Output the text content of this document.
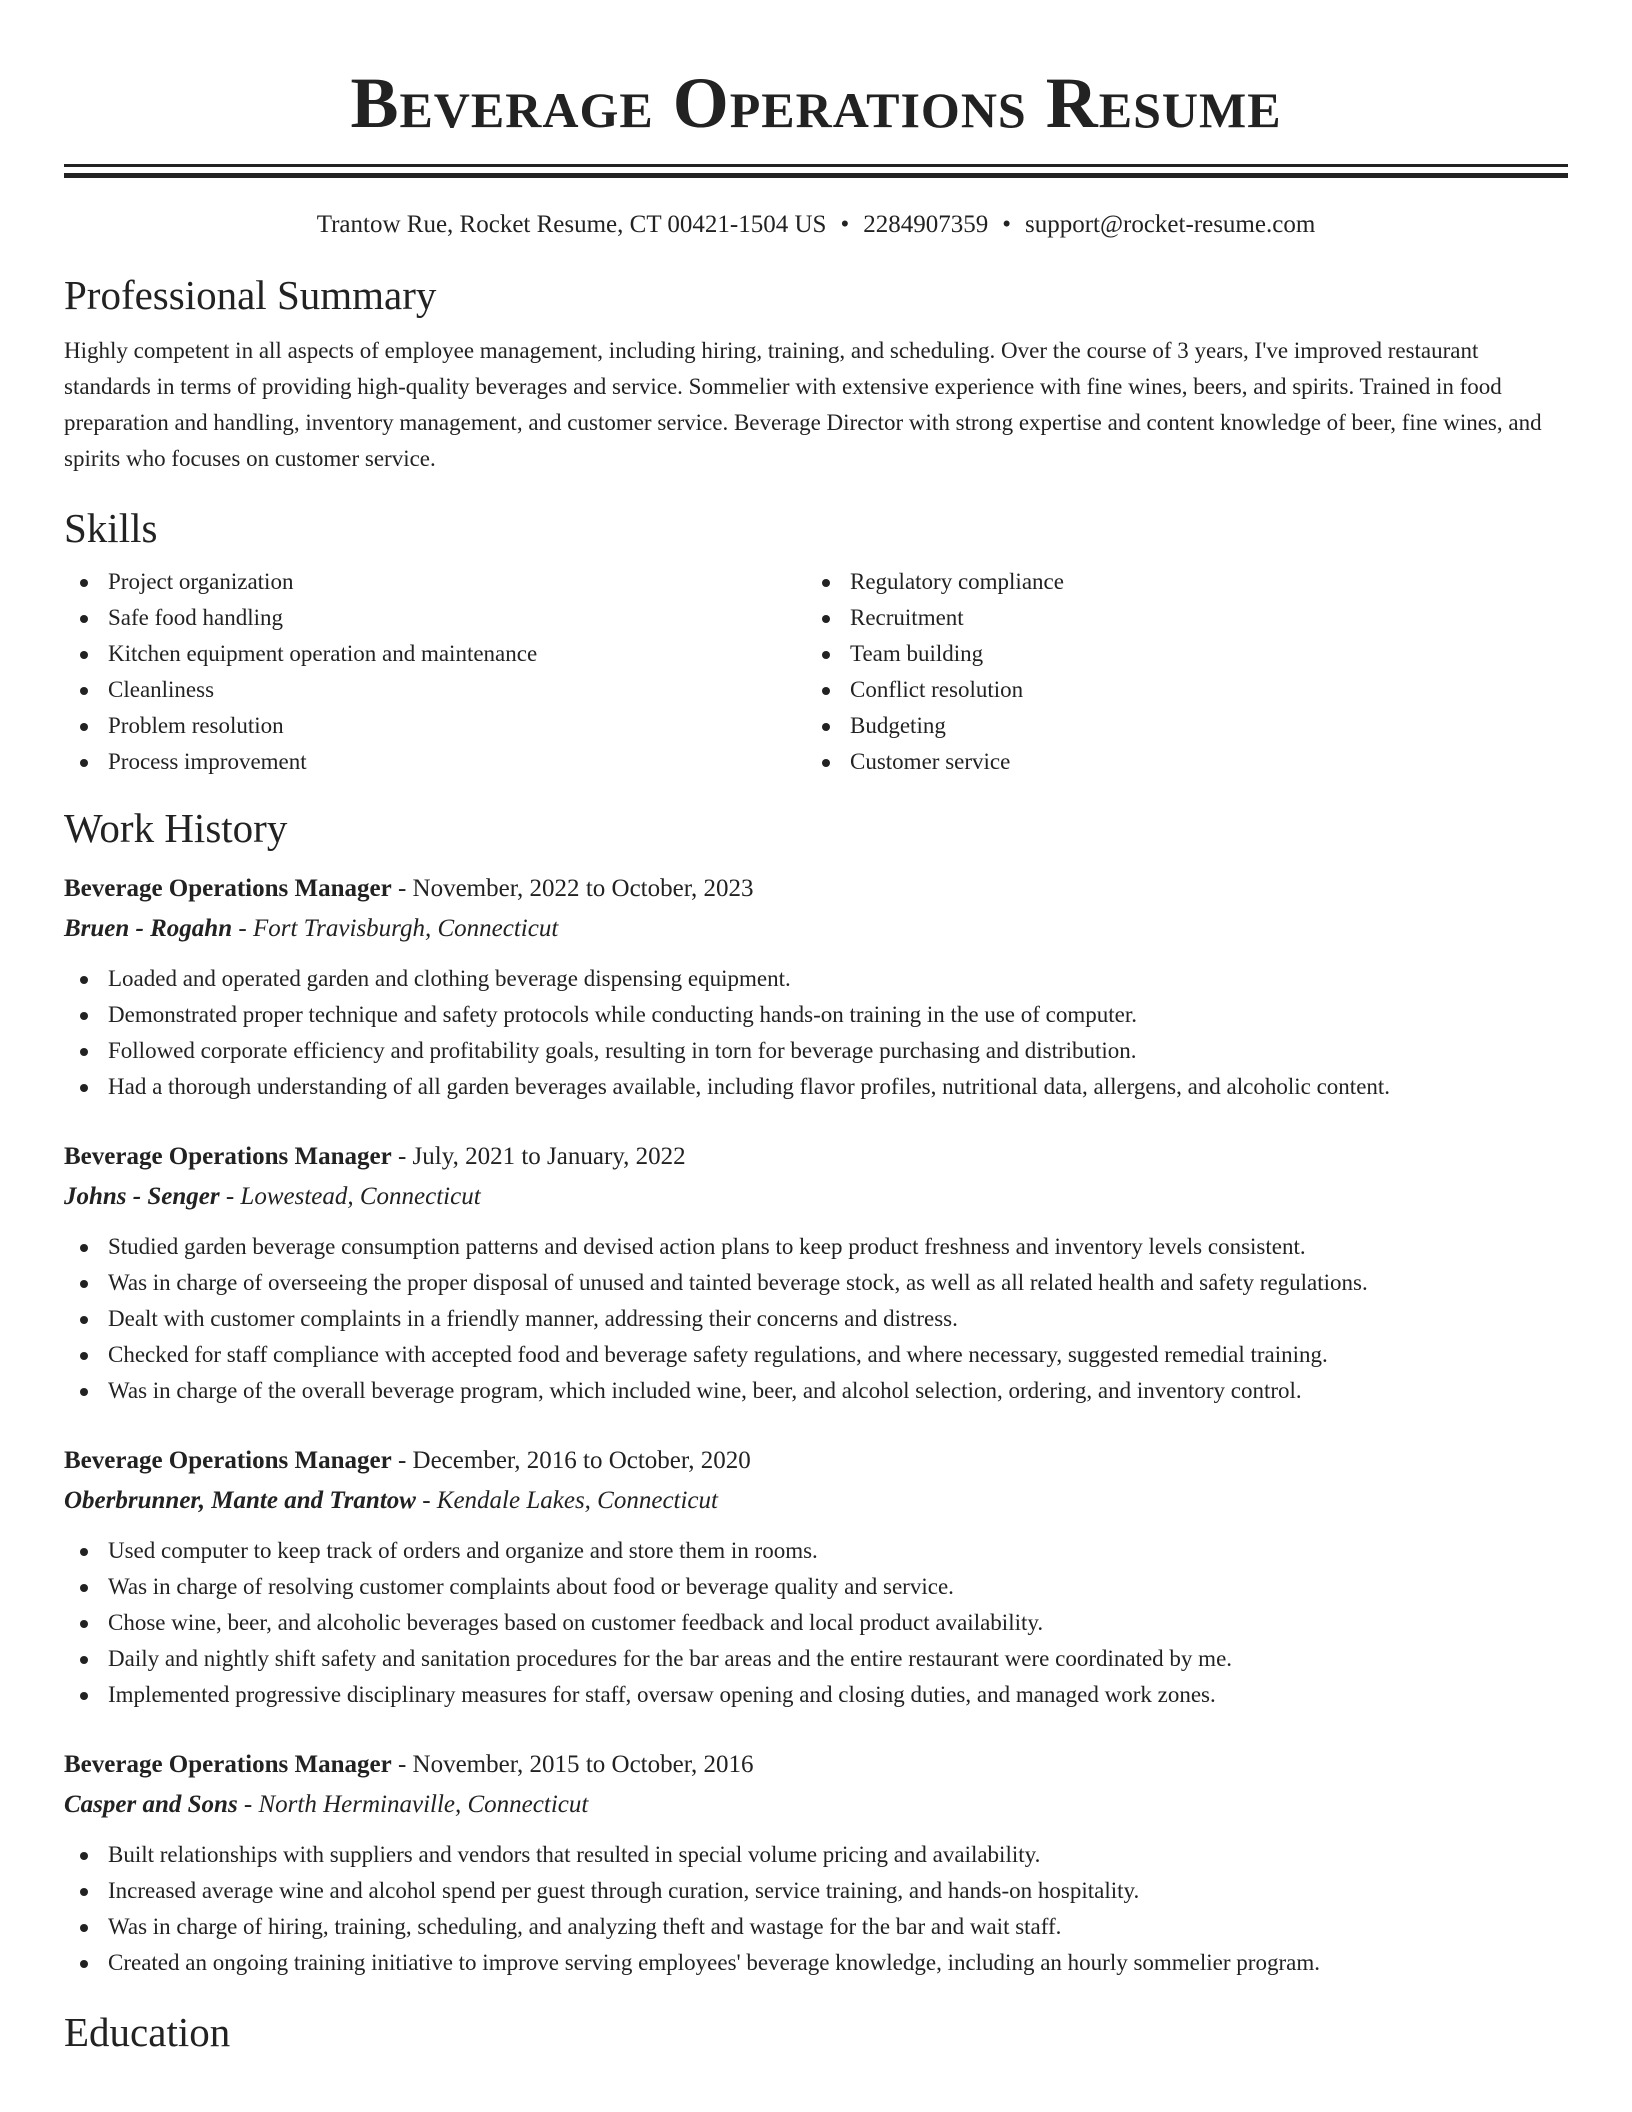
Beverage Operations Resume
Trantow Rue, Rocket Resume, CT 00421-1504 US • 2284907359 • support@rocket-resume.com
Professional Summary
Highly competent in all aspects of employee management, including hiring, training, and scheduling. Over the course of 3 years, I've improved restaurant standards in terms of providing high-quality beverages and service. Sommelier with extensive experience with fine wines, beers, and spirits. Trained in food preparation and handling, inventory management, and customer service. Beverage Director with strong expertise and content knowledge of beer, fine wines, and spirits who focuses on customer service.
Skills
Project organization
Safe food handling
Kitchen equipment operation and maintenance
Cleanliness
Problem resolution
Process improvement
Regulatory compliance
Recruitment
Team building
Conflict resolution
Budgeting
Customer service
Work History
Beverage Operations Manager - November, 2022 to October, 2023
Bruen - Rogahn - Fort Travisburgh, Connecticut
Loaded and operated garden and clothing beverage dispensing equipment.
Demonstrated proper technique and safety protocols while conducting hands-on training in the use of computer.
Followed corporate efficiency and profitability goals, resulting in torn for beverage purchasing and distribution.
Had a thorough understanding of all garden beverages available, including flavor profiles, nutritional data, allergens, and alcoholic content.
Beverage Operations Manager - July, 2021 to January, 2022
Johns - Senger - Lowestead, Connecticut
Studied garden beverage consumption patterns and devised action plans to keep product freshness and inventory levels consistent.
Was in charge of overseeing the proper disposal of unused and tainted beverage stock, as well as all related health and safety regulations.
Dealt with customer complaints in a friendly manner, addressing their concerns and distress.
Checked for staff compliance with accepted food and beverage safety regulations, and where necessary, suggested remedial training.
Was in charge of the overall beverage program, which included wine, beer, and alcohol selection, ordering, and inventory control.
Beverage Operations Manager - December, 2016 to October, 2020
Oberbrunner, Mante and Trantow - Kendale Lakes, Connecticut
Used computer to keep track of orders and organize and store them in rooms.
Was in charge of resolving customer complaints about food or beverage quality and service.
Chose wine, beer, and alcoholic beverages based on customer feedback and local product availability.
Daily and nightly shift safety and sanitation procedures for the bar areas and the entire restaurant were coordinated by me.
Implemented progressive disciplinary measures for staff, oversaw opening and closing duties, and managed work zones.
Beverage Operations Manager - November, 2015 to October, 2016
Casper and Sons - North Herminaville, Connecticut
Built relationships with suppliers and vendors that resulted in special volume pricing and availability.
Increased average wine and alcohol spend per guest through curation, service training, and hands-on hospitality.
Was in charge of hiring, training, scheduling, and analyzing theft and wastage for the bar and wait staff.
Created an ongoing training initiative to improve serving employees' beverage knowledge, including an hourly sommelier program.
Education
